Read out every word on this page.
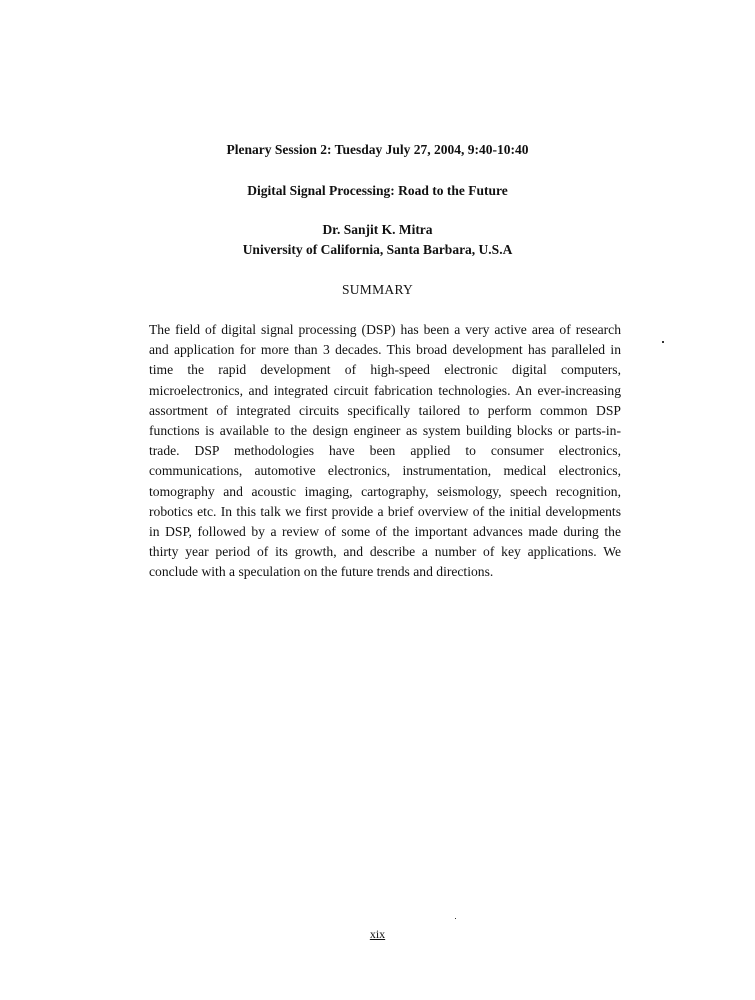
Plenary Session 2: Tuesday July 27, 2004, 9:40-10:40
Digital Signal Processing: Road to the Future
Dr. Sanjit K. Mitra
University of California, Santa Barbara, U.S.A
SUMMARY
The field of digital signal processing (DSP) has been a very active area of research and application for more than 3 decades. This broad development has paralleled in time the rapid development of high-speed electronic digital computers, microelectronics, and integrated circuit fabrication technologies. An ever-increasing assortment of integrated circuits specifically tailored to perform common DSP functions is available to the design engineer as system building blocks or parts-in-trade. DSP methodologies have been applied to consumer electronics, communications, automotive electronics, instrumentation, medical electronics, tomography and acoustic imaging, cartography, seismology, speech recognition, robotics etc. In this talk we first provide a brief overview of the initial developments in DSP, followed by a review of some of the important advances made during the thirty year period of its growth, and describe a number of key applications. We conclude with a speculation on the future trends and directions.
xix
